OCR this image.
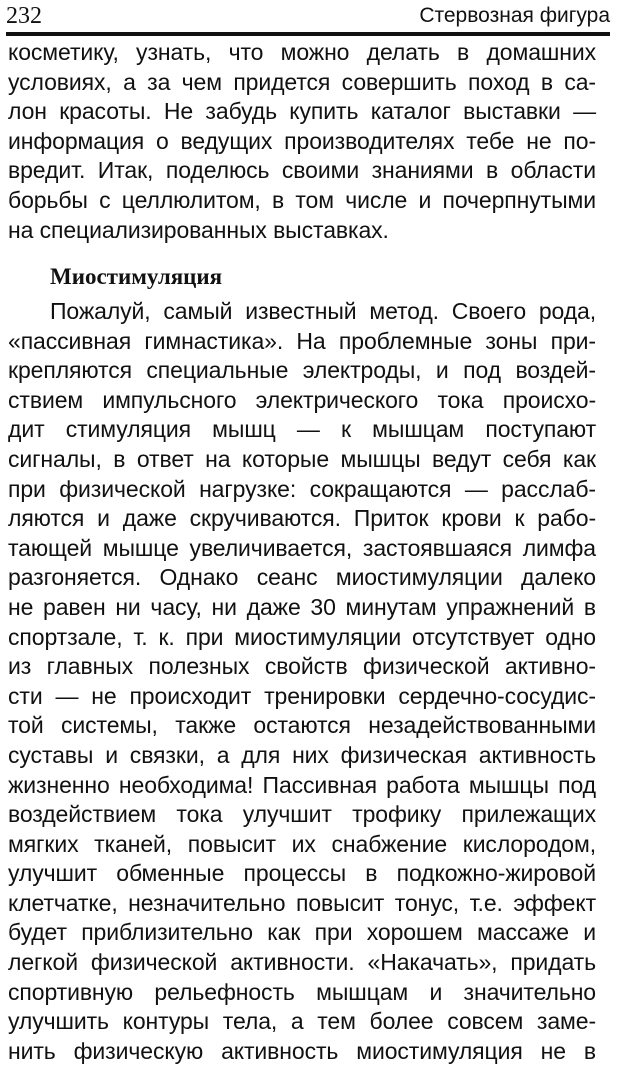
232	Стервозная фигура
косметику, узнать, что можно делать в домашних
условиях, а за чем придется совершить поход в са-
лон красоты. Не забудь купить каталог выставки —
информация о ведущих производителях тебе не по-
вредит. Итак, поделюсь своими знаниями в области
борьбы с целлюлитом, в том числе и почерпнутыми
на специализированных выставках.
Миостимуляция
Пожалуй, самый известный метод. Своего рода,
«пассивная гимнастика». На проблемные зоны при-
крепляются специальные электроды, и под воздей-
ствием импульсного электрического тока происхо-
дит стимуляция мышц — к мышцам поступают
сигналы, в ответ на которые мышцы ведут себя как
при физической нагрузке: сокращаются — расслаб-
ляются и даже скручиваются. Приток крови к рабо-
тающей мышце увеличивается, застоявшаяся лимфа
разгоняется. Однако сеанс миостимуляции далеко
не равен ни часу, ни даже 30 минутам упражнений в
спортзале, т. к. при миостимуляции отсутствует одно
из главных полезных свойств физической активно-
сти — не происходит тренировки сердечно-сосудис-
той системы, также остаются незадействованными
суставы и связки, а для них физическая активность
жизненно необходима! Пассивная работа мышцы под
воздействием тока улучшит трофику прилежащих
мягких тканей, повысит их снабжение кислородом,
улучшит обменные процессы в подкожно-жировой
клетчатке, незначительно повысит тонус, т.е. эффект
будет приблизительно как при хорошем массаже и
легкой физической активности. «Накачать», придать
спортивную рельефность мышцам и значительно
улучшить контуры тела, а тем более совсем заме-
нить физическую активность миостимуляция не в
